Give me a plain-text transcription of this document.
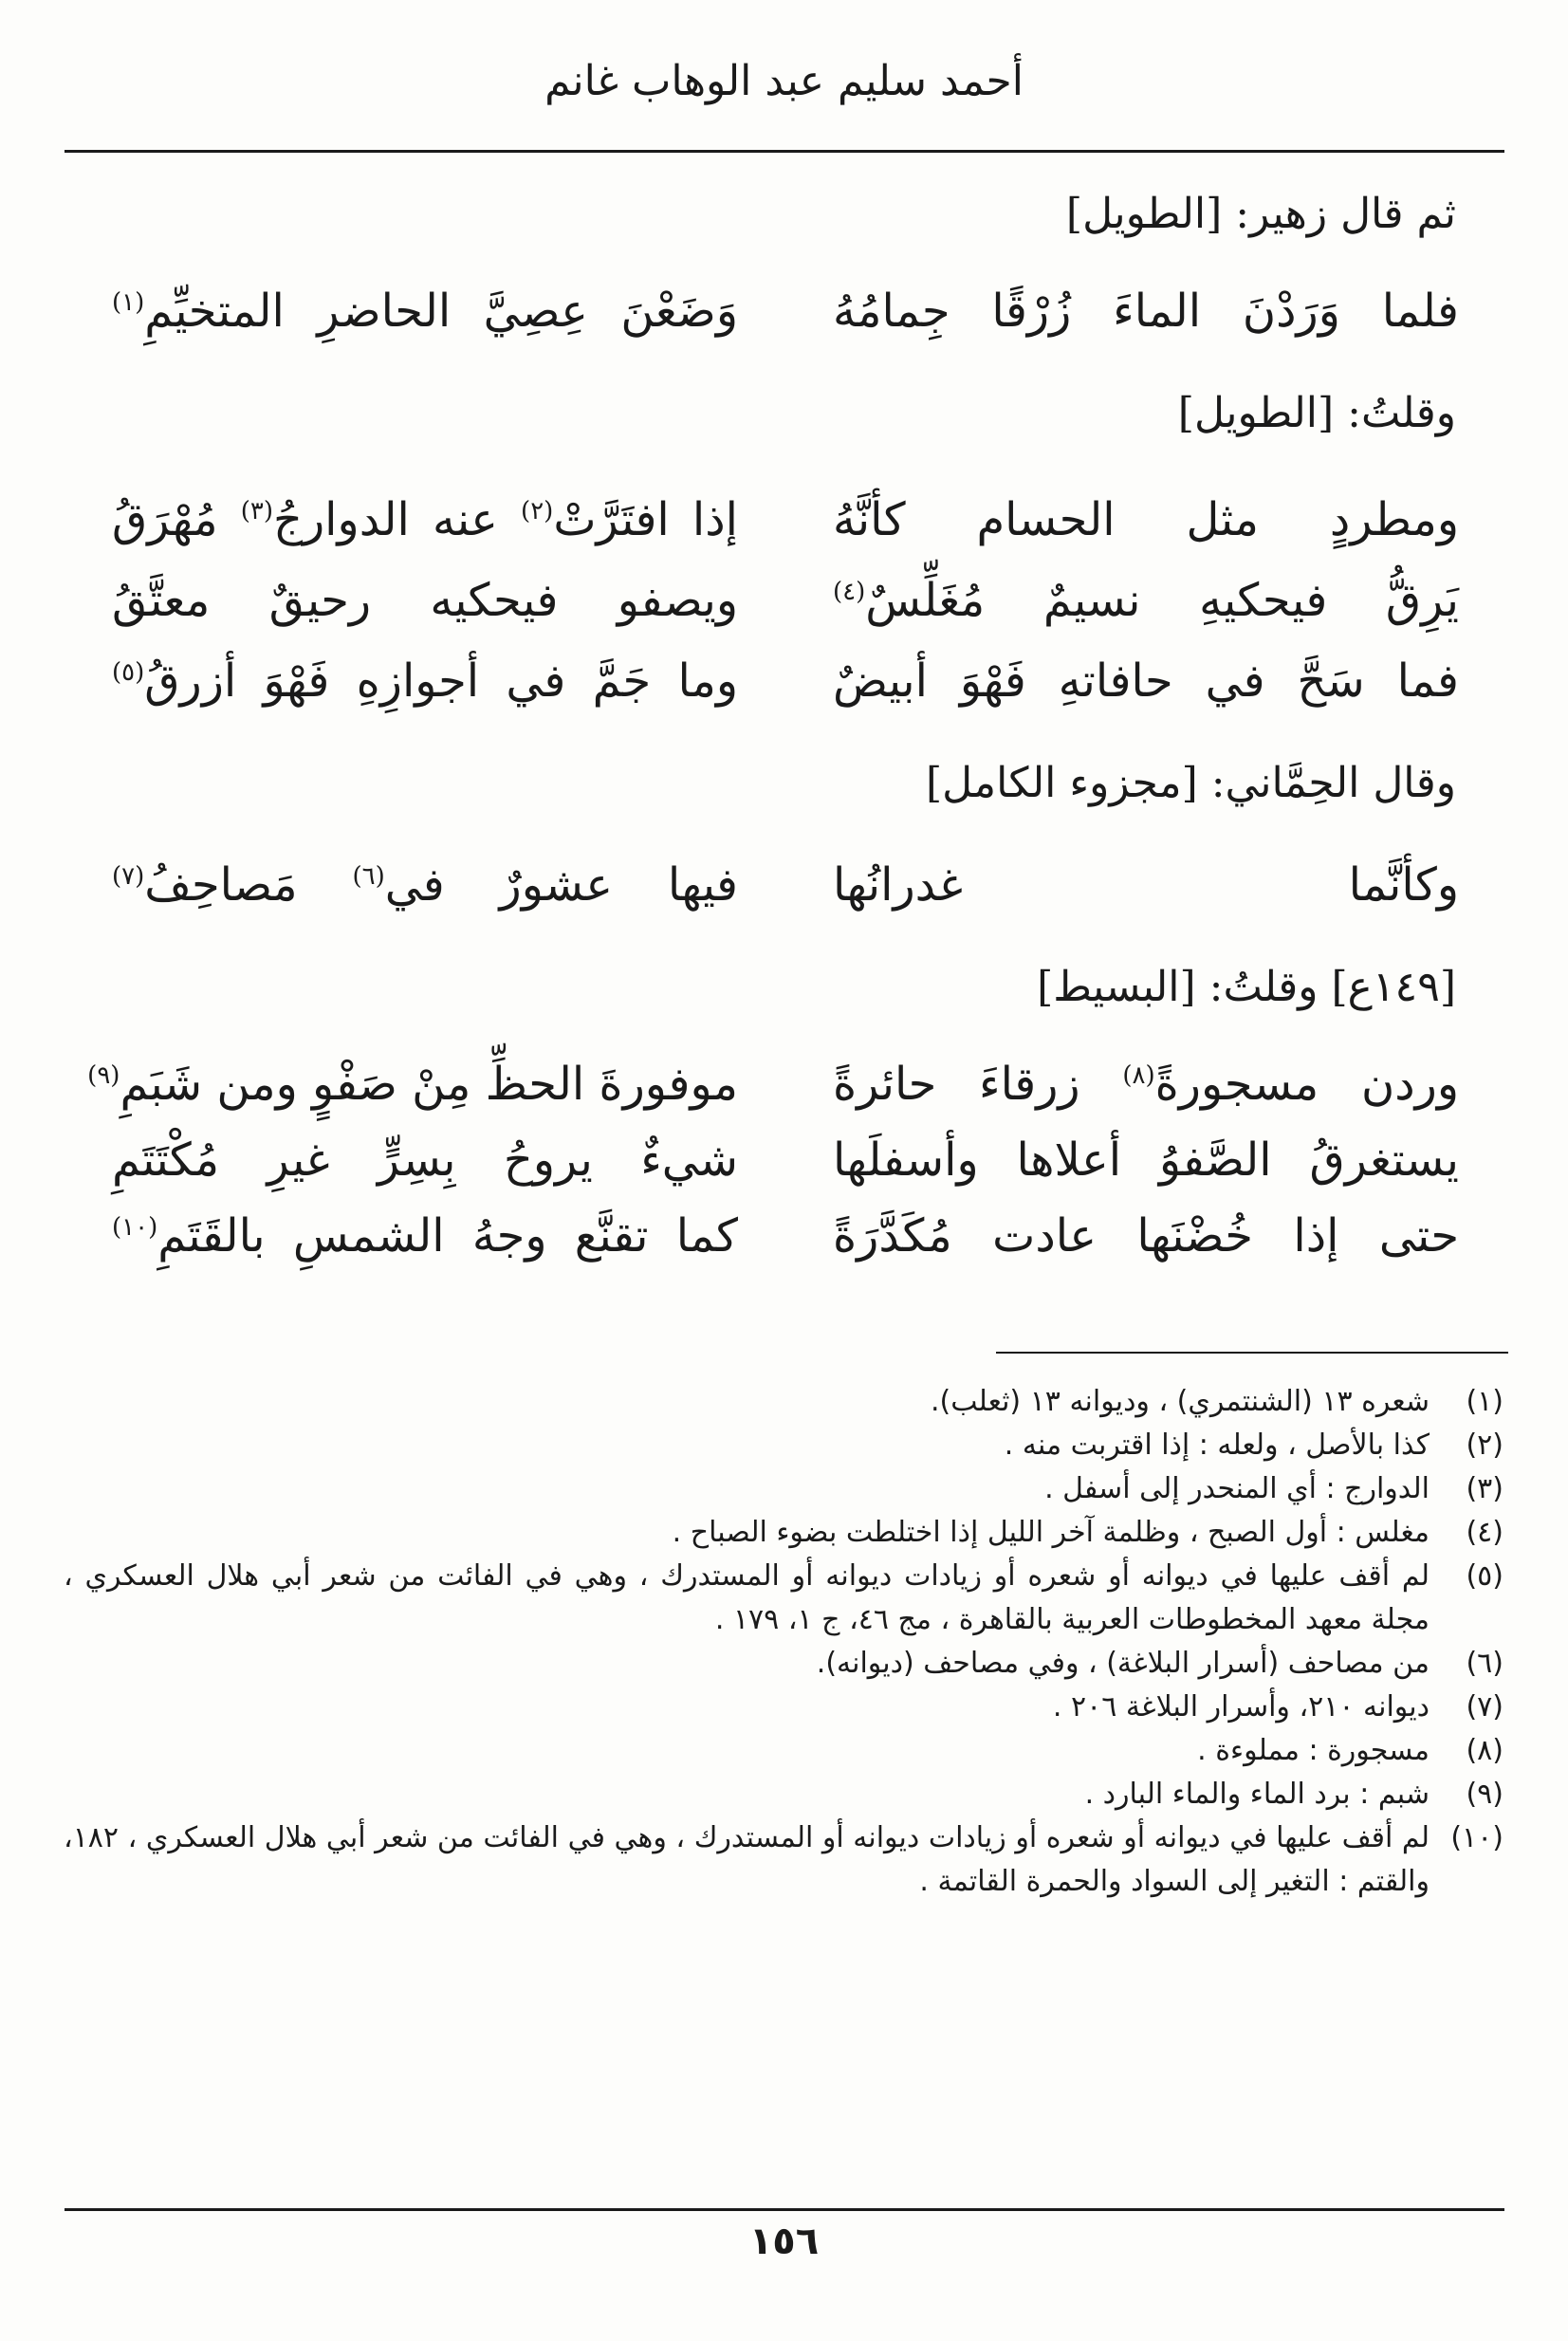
أحمد سليم عبد الوهاب غانم
ثم قال زهير: [الطويل]
فلما وَرَدْنَ الماءَ زُرْقًا جِمامُهُ
وَضَعْنَ عِصِيَّ الحاضرِ المتخيِّمِ$^{(١)}$
وقلتُ: [الطويل]
ومطردٍ مثل الحسام كأنَّهُ
إذا افتَرَّتْ$^{(٢)}$ عنه الدوارجُ$^{(٣)}$ مُهْرَقُ
يَرِقُّ فيحكيهِ نسيمٌ مُغَلِّسٌ$^{(٤)}$
ويصفو فيحكيه رحيقٌ معتَّقُ
فما سَحَّ في حافاتهِ فَهْوَ أبيضٌ
وما جَمَّ في أجوازِهِ فَهْوَ أزرقُ$^{(٥)}$
وقال الحِمَّاني: [مجزوء الكامل]
وكأنَّما غدرانُها
فيها عشورٌ في$^{(٦)}$ مَصاحِفُ$^{(٧)}$
[١٤٩ع] وقلتُ: [البسيط]
وردن مسجورةً$^{(٨)}$ زرقاءَ حائرةً
موفورةَ الحظِّ مِنْ صَفْوٍ ومن شَبَمِ$^{(٩)}$
يستغرقُ الصَّفوُ أعلاها وأسفلَها
شيءٌ يروحُ بِسِرٍّ غيرِ مُكْتَتَمِ
حتى إذا خُضْنَها عادت مُكَدَّرَةً
كما تقنَّع وجهُ الشمسِ بالقَتَمِ$^{(١٠)}$
(١)
شعره ١٣ (الشنتمري) ، وديوانه ١٣ (ثعلب).
(٢)
كذا بالأصل ، ولعله : إذا اقتربت منه .
(٣)
الدوارج : أي المنحدر إلى أسفل .
(٤)
مغلس : أول الصبح ، وظلمة آخر الليل إذا اختلطت بضوء الصباح .
(٥)
لم أقف عليها في ديوانه أو شعره أو زيادات ديوانه أو المستدرك ، وهي في الفائت من شعر أبي هلال العسكري ، مجلة معهد المخطوطات العربية بالقاهرة ، مج ٤٦، ج ١، ١٧٩ .
(٦)
من مصاحف (أسرار البلاغة) ، وفي مصاحف (ديوانه).
(٧)
ديوانه ٢١٠، وأسرار البلاغة ٢٠٦ .
(٨)
مسجورة : مملوءة .
(٩)
شبم : برد الماء والماء البارد .
(١٠)
لم أقف عليها في ديوانه أو شعره أو زيادات ديوانه أو المستدرك ، وهي في الفائت من شعر أبي هلال العسكري ، ١٨٢، والقتم : التغير إلى السواد والحمرة القاتمة .
١٥٦
